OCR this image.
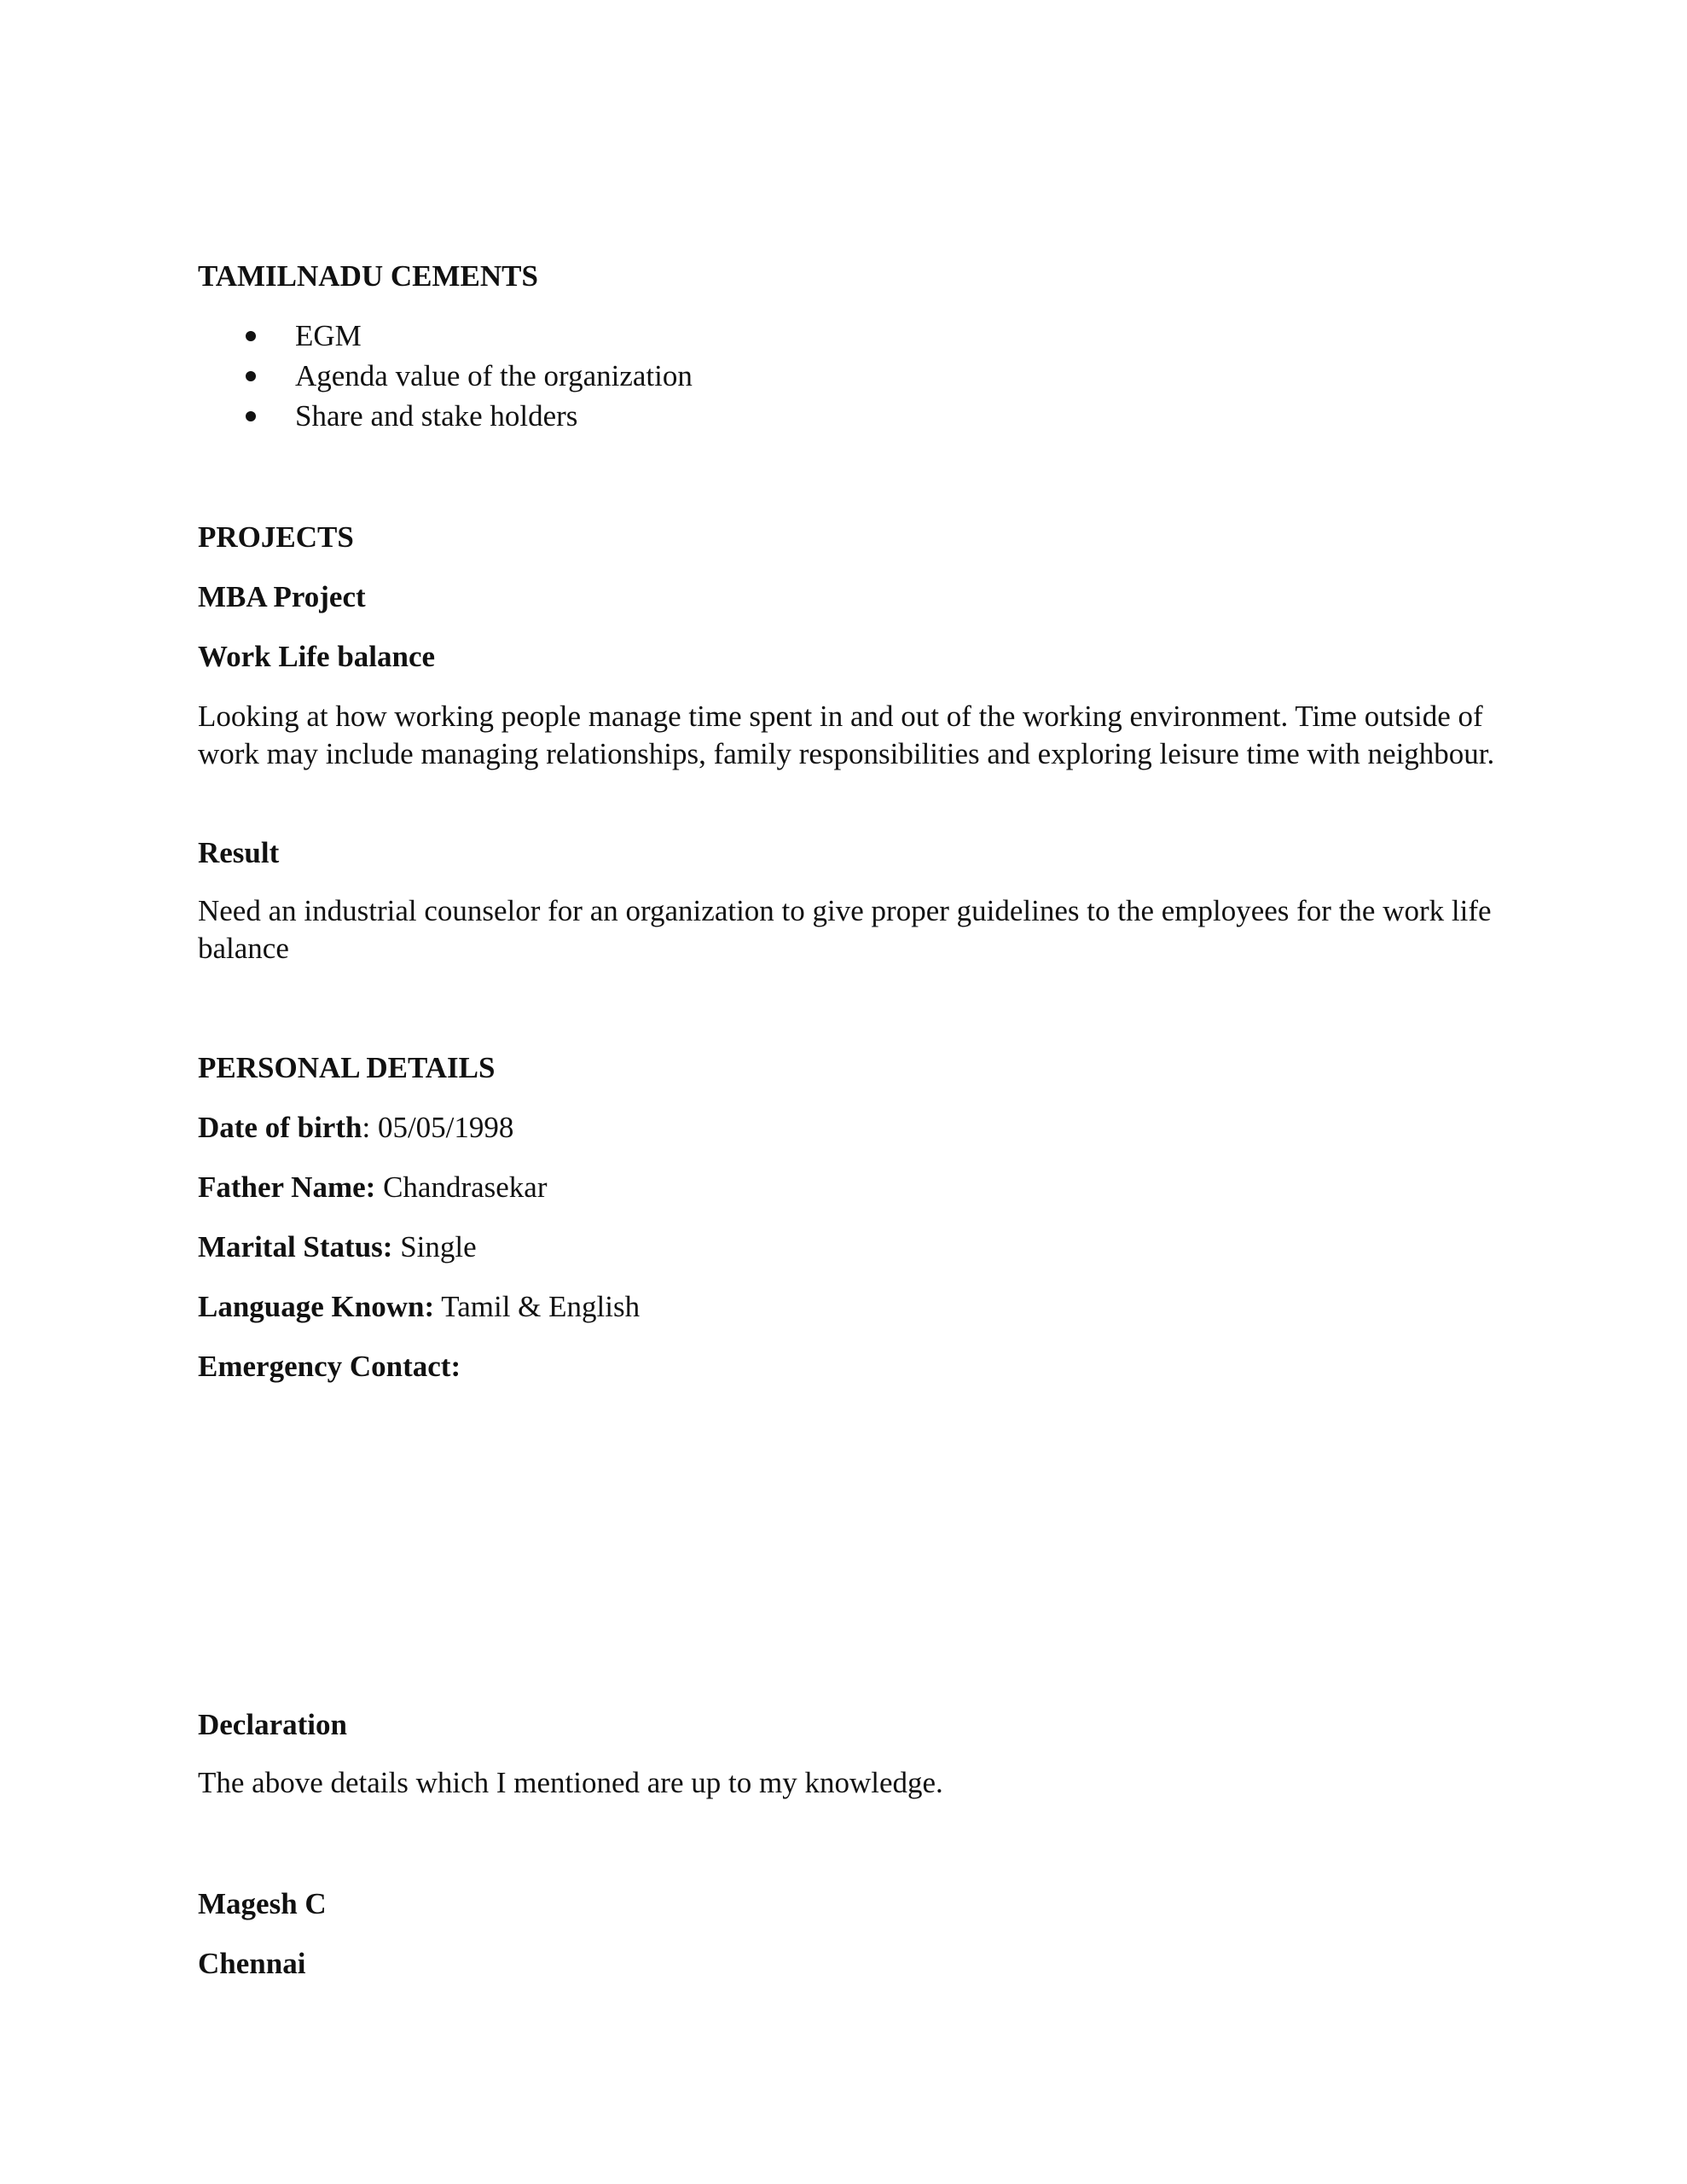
TAMILNADU CEMENTS

EGM
Agenda value of the organization
Share and stake holders

PROJECTS

MBA Project

Work Life balance

Looking at how working people manage time spent in and out of the working environment. Time outside of work may include managing relationships, family responsibilities and exploring leisure time with neighbour.

Result

Need an industrial counselor for an organization to give proper guidelines to the employees for the work life balance

PERSONAL DETAILS

Date of birth: 05/05/1998

Father Name: Chandrasekar

Marital Status: Single

Language Known: Tamil & English

Emergency Contact:

Declaration

The above details which I mentioned are up to my knowledge.

Magesh C

Chennai
